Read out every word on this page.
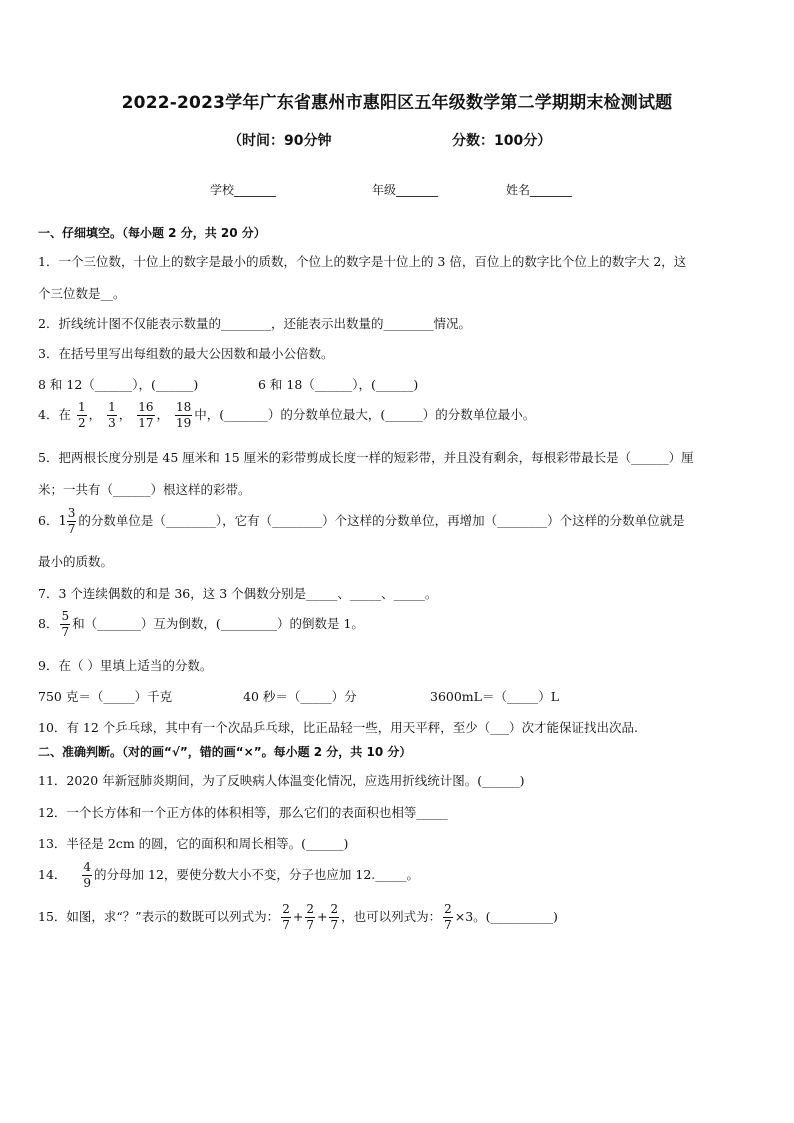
2022-2023学年广东省惠州市惠阳区五年级数学第二学期期末检测试题
（时间：90分钟	分数：100分）
学校_______	年级_______	姓名_______
一、仔细填空。（每小题 2 分，共 20 分）
1．一个三位数，十位上的数字是最小的质数，个位上的数字是十位上的 3 倍，百位上的数字比个位上的数字大 2，这
个三位数是__。
2．折线统计图不仅能表示数量的________，还能表示出数量的________情况。
3．在括号里写出每组数的最大公因数和最小公倍数。
8 和 12（______），(______)	6 和 18（______），(______)
4．在 $\frac{1}{2}$ ， $\frac{1}{3}$ ， $\frac{16}{17}$ ， $\frac{18}{19}$ 中，(_______）的分数单位最大，(______）的分数单位最小。
5．把两根长度分别是 45 厘米和 15 厘米的彩带剪成长度一样的短彩带，并且没有剩余，每根彩带最长是（______）厘
米；一共有（______）根这样的彩带。
6．$1 \frac{3}{7}$ 的分数单位是（________），它有（________）个这样的分数单位，再增加（________）个这样的分数单位就是
最小的质数。
7．3 个连续偶数的和是 36，这 3 个偶数分别是_____、_____、_____。
8． $\frac{5}{7}$ 和（_______）互为倒数，(_________）的倒数是 1。
9．在（ ）里填上适当的分数。
750 克＝（_____）千克	40 秒＝（_____）分	3600mL＝（_____）L
10．有 12 个乒乓球，其中有一个次品乒乓球，比正品轻一些，用天平秤，至少（___）次才能保证找出次品.
二、准确判断。（对的画“√”，错的画“×”。每小题 2 分，共 10 分）
11．2020 年新冠肺炎期间，为了反映病人体温变化情况，应选用折线统计图。(______)
12．一个长方体和一个正方体的体积相等，那么它们的表面积也相等_____
13．半径是 2cm 的圆，它的面积和周长相等。(______)
14． $\frac{4}{9}$ 的分母加 12，要使分数大小不变，分子也应加 12._____。
15．如图，求“？”表示的数既可以列式为： $\frac{2}{7} + \frac{2}{7} + \frac{2}{7}$ ，也可以列式为： $\frac{2}{7} \times 3$。(__________)
